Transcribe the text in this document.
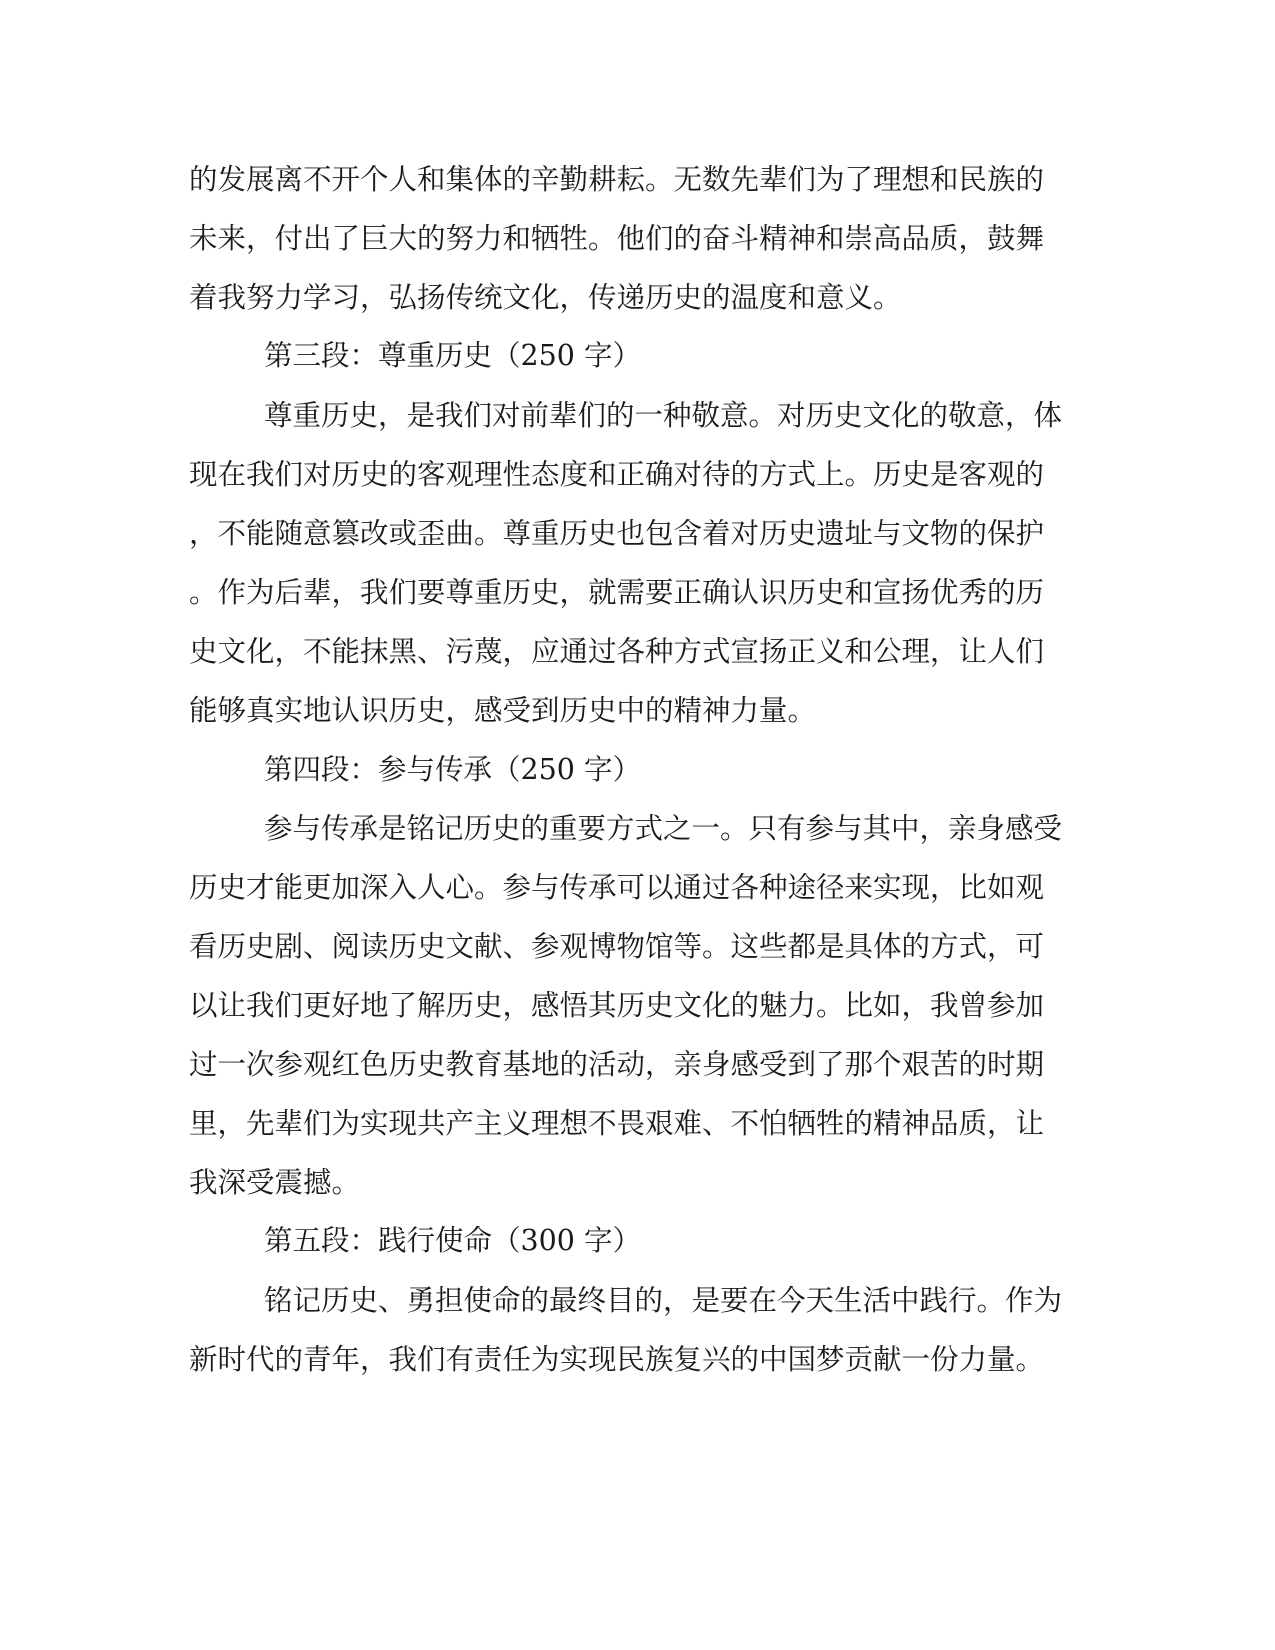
的发展离不开个人和集体的辛勤耕耘。无数先辈们为了理想和民族的

未来，付出了巨大的努力和牺牲。他们的奋斗精神和崇高品质，鼓舞

着我努力学习，弘扬传统文化，传递历史的温度和意义。

第三段：尊重历史（250 字）

尊重历史，是我们对前辈们的一种敬意。对历史文化的敬意，体

现在我们对历史的客观理性态度和正确对待的方式上。历史是客观的

，不能随意篡改或歪曲。尊重历史也包含着对历史遗址与文物的保护

。作为后辈，我们要尊重历史，就需要正确认识历史和宣扬优秀的历

史文化，不能抹黑、污蔑，应通过各种方式宣扬正义和公理，让人们

能够真实地认识历史，感受到历史中的精神力量。

第四段：参与传承（250 字）

参与传承是铭记历史的重要方式之一。只有参与其中，亲身感受

历史才能更加深入人心。参与传承可以通过各种途径来实现，比如观

看历史剧、阅读历史文献、参观博物馆等。这些都是具体的方式，可

以让我们更好地了解历史，感悟其历史文化的魅力。比如，我曾参加

过一次参观红色历史教育基地的活动，亲身感受到了那个艰苦的时期

里，先辈们为实现共产主义理想不畏艰难、不怕牺牲的精神品质，让

我深受震撼。

第五段：践行使命（300 字）

铭记历史、勇担使命的最终目的，是要在今天生活中践行。作为

新时代的青年，我们有责任为实现民族复兴的中国梦贡献一份力量。
